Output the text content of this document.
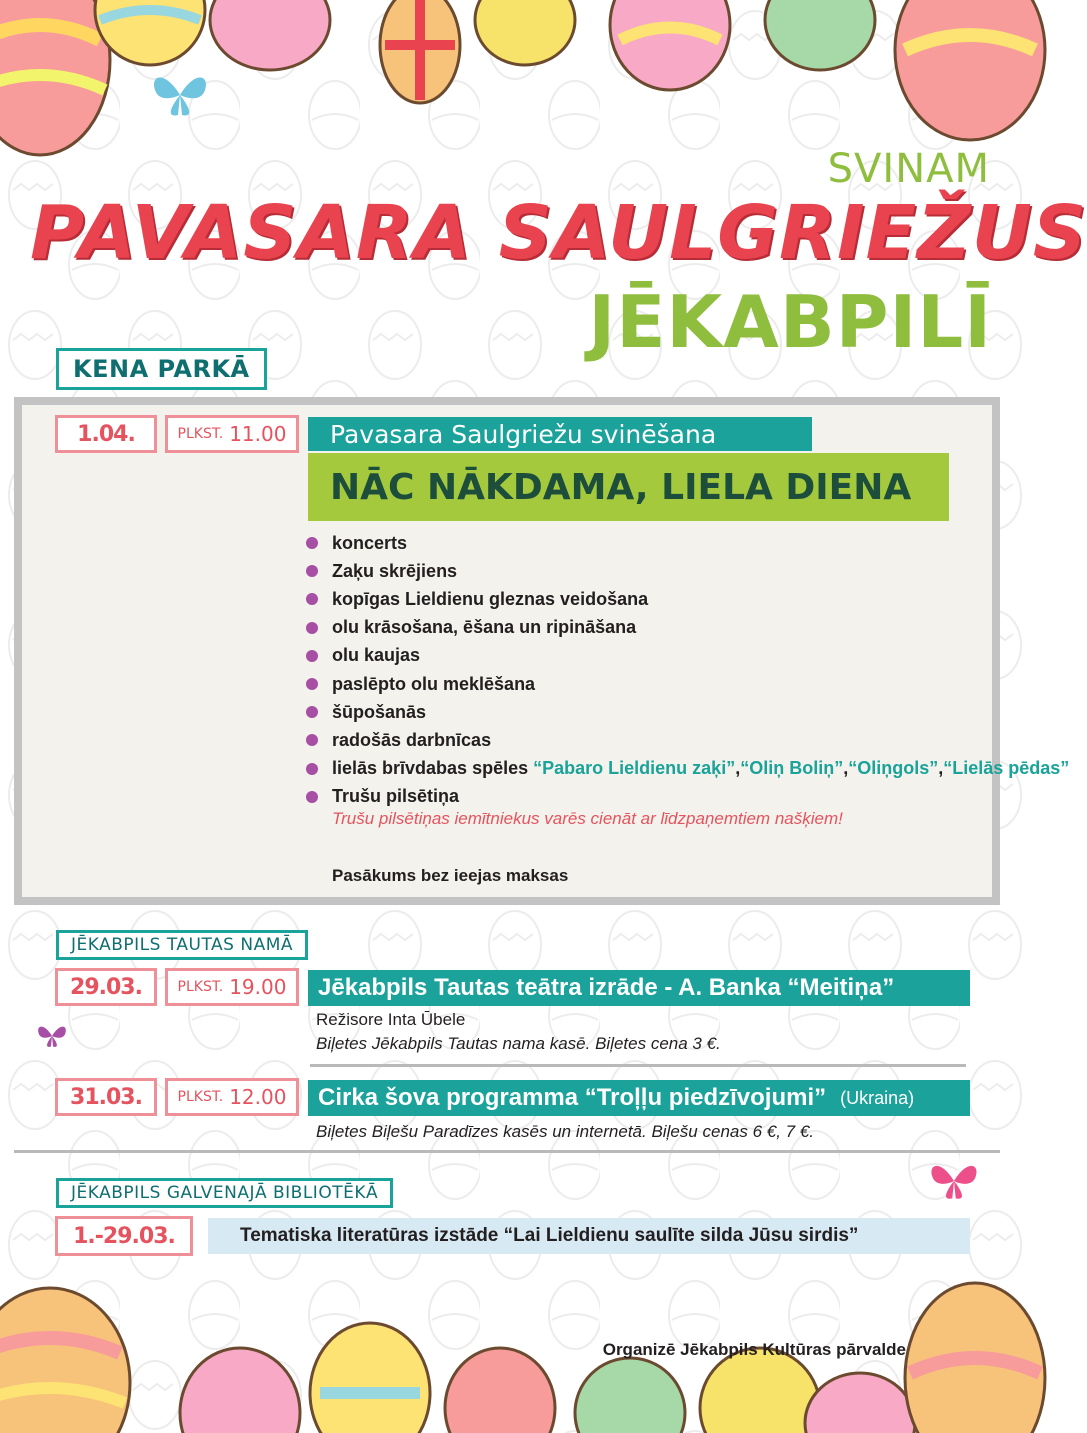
SVINAM
PAVASARA SAULGRIEŽUS
JĒKABPILĪ
KENA PARKĀ
1.04.	PLKST. 11.00 Pavasara Saulgriežu svinēšana
NĀC NĀKDAMA, LIELA DIENA
koncerts
Zaķu skrējiens
kopīgas Lieldienu gleznas veidošana
olu krāsošana, ēšana un ripināšana
olu kaujas
paslēpto olu meklēšana
šūpošanās
radošās darbnīcas
lielās brīvdabas spēles
“Pabaro Lieldienu zaķi” , “Oliņ Boliņ” , “Oliņgols” , “Lielās pēdas”
Trušu pilsētiņa
Trušu pilsētiņas iemītniekus varēs cienāt ar līdzpaņemtiem našķiem!
Pasākums bez ieejas maksas
JĒKABPILS TAUTAS NAMĀ
29.03.	PLKST. 19.00 Jēkabpils Tautas teātra izrāde - A. Banka “Meitiņa”
Režisore Inta Ūbele
Biļetes Jēkabpils Tautas nama kasē. Biļetes cena 3 €.
31.03.	PLKST. 12.00 Cirka šova programma “Troļļu piedzīvojumi” (Ukraina)
Biļetes Biļešu Paradīzes kasēs un internetā. Biļešu cenas 6 €, 7 €.
JĒKABPILS GALVENAJĀ BIBLIOTĒKĀ
1.-29.03.	Tematiska literatūras izstāde “Lai Lieldienu saulīte silda Jūsu sirdis”
Organizē Jēkabpils Kultūras pārvalde
